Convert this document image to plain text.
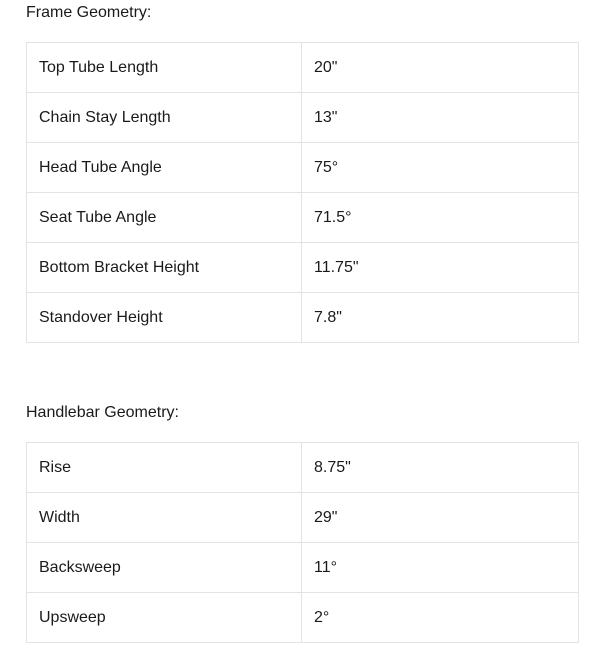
Frame Geometry:
Top Tube Length	20"
Chain Stay Length	13"
Head Tube Angle	75°
Seat Tube Angle	71.5°
Bottom Bracket Height	11.75"
Standover Height	7.8"
Handlebar Geometry:
Rise	8.75"
Width	29"
Backsweep	11°
Upsweep	2°
